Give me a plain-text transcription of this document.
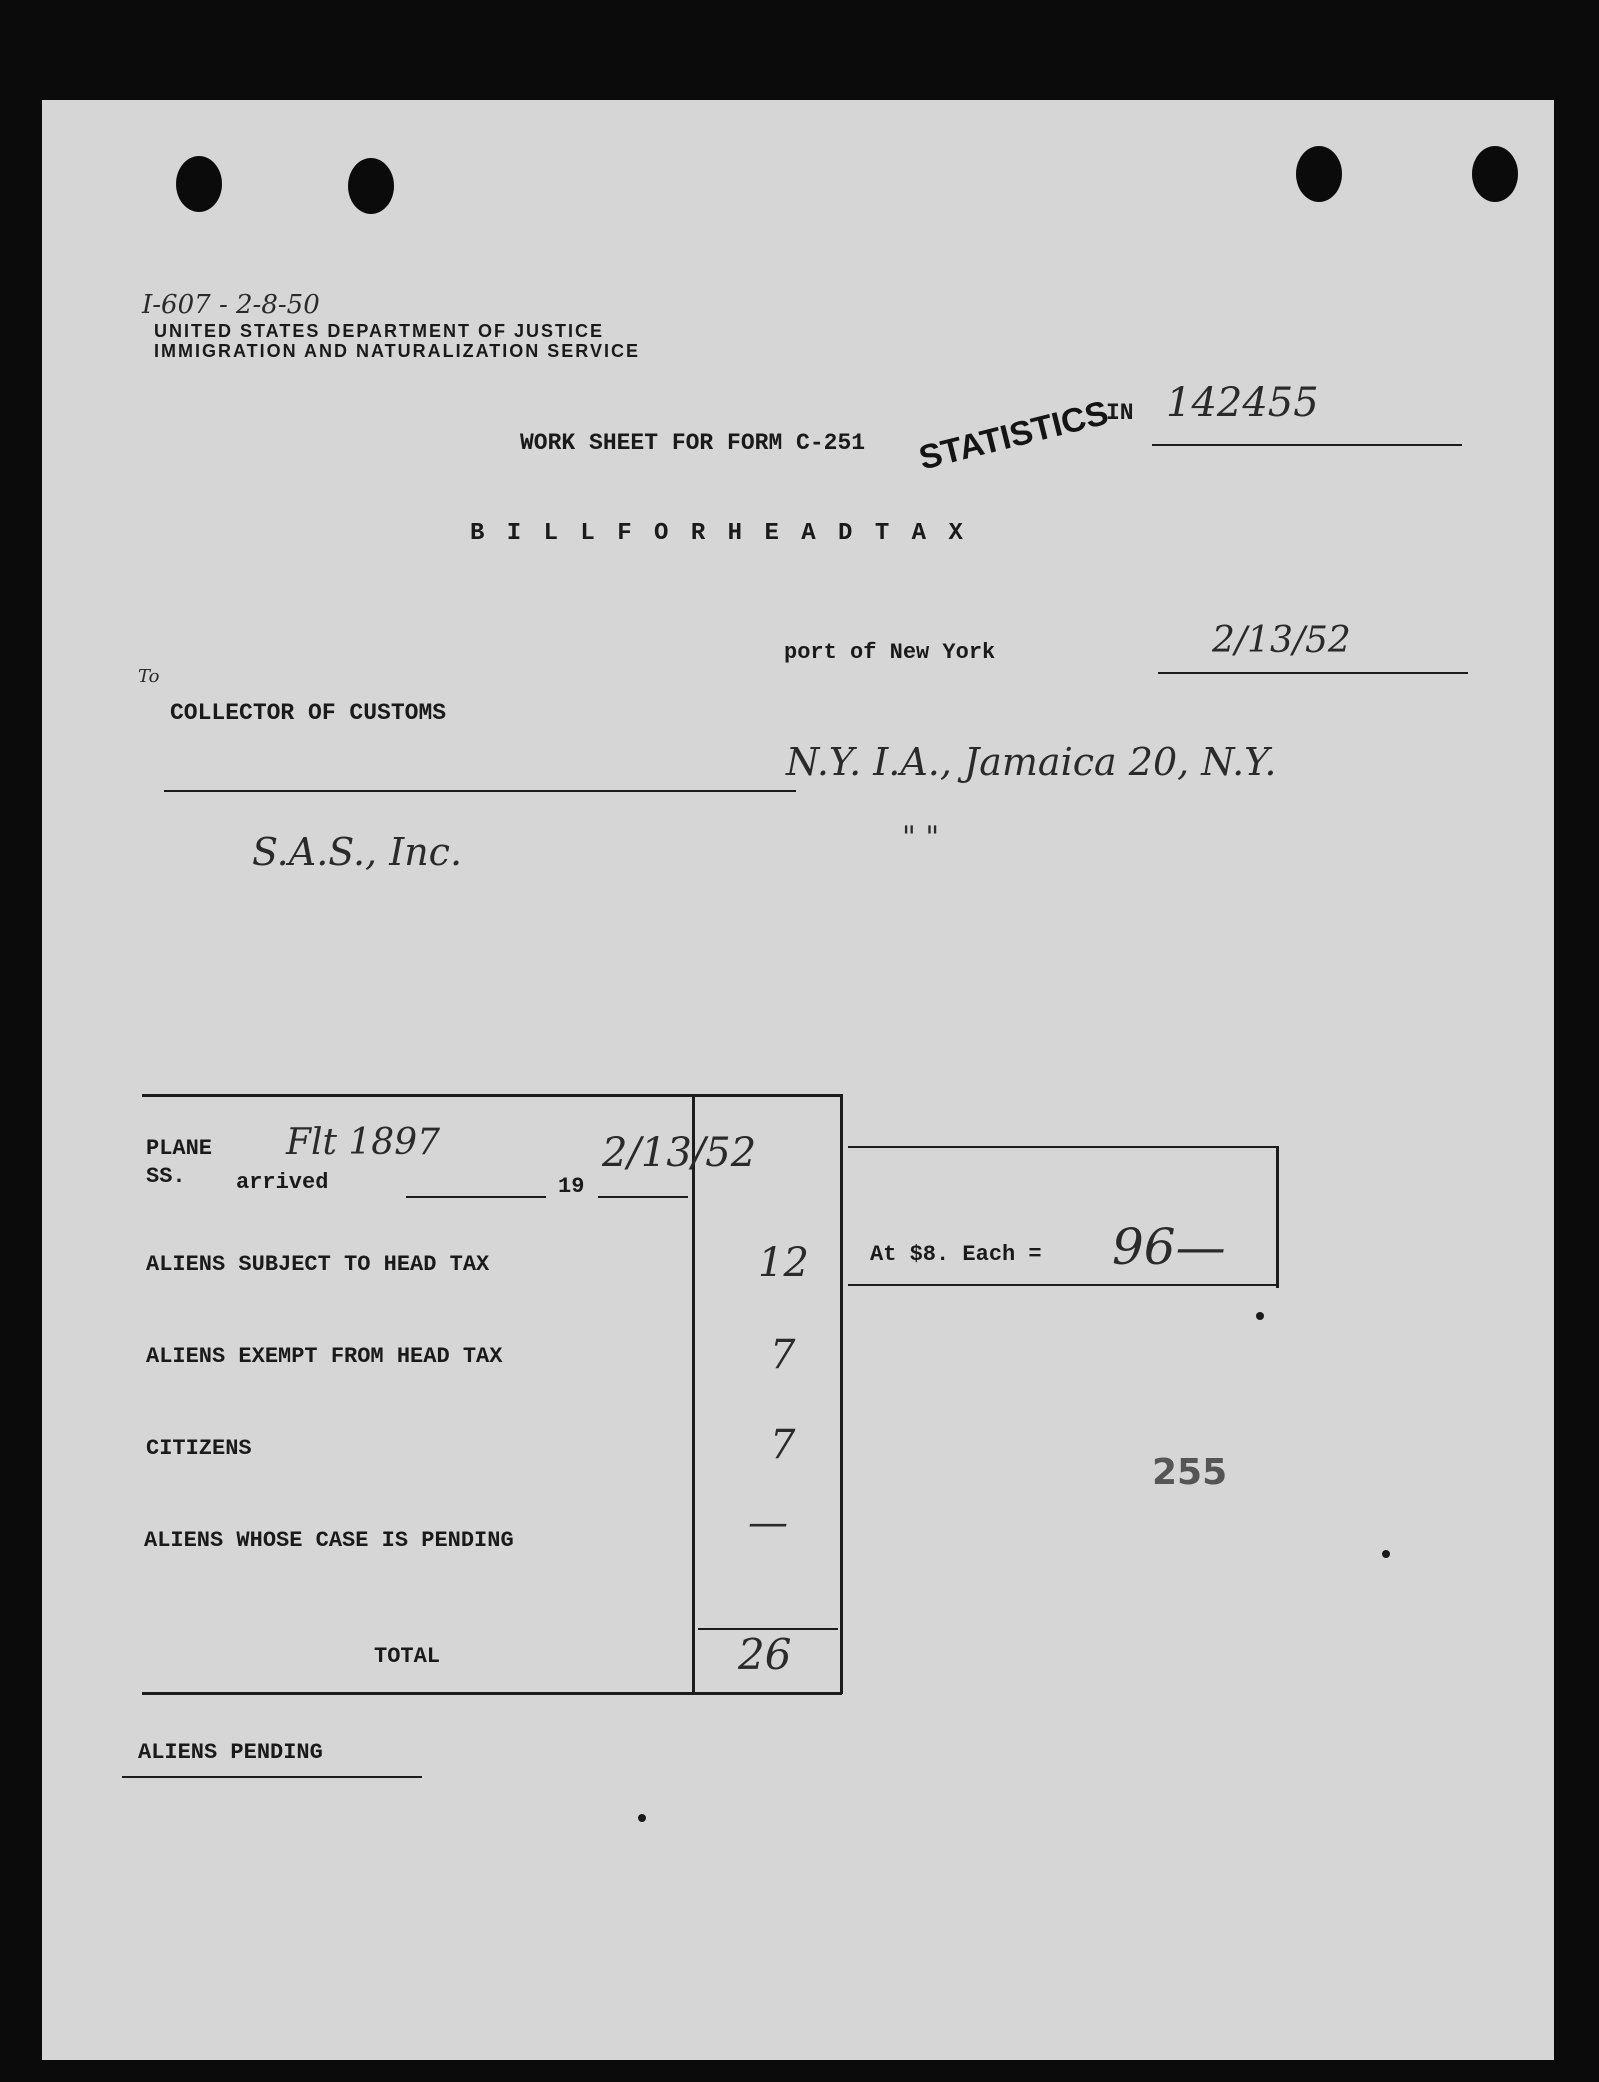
I-607 - 2-8-50
UNITED STATES DEPARTMENT OF JUSTICE
IMMIGRATION AND NATURALIZATION SERVICE
WORK SHEET FOR FORM C-251 STATISTICS
IN 142455
B I L L F O R H E A D T A X
port of New York	2/13/52
To
COLLECTOR OF CUSTOMS
N.Y. I.A., Jamaica 20, N.Y.
" "
S.A.S., Inc.
PLANE
SS.
Flt 1897
arrived	19
2/13/52
ALIENS SUBJECT TO HEAD TAX	12
ALIENS EXEMPT FROM HEAD TAX	7
CITIZENS	7
ALIENS WHOSE CASE IS PENDING	—
TOTAL	26
At $8. Each = 96—
255
ALIENS PENDING
